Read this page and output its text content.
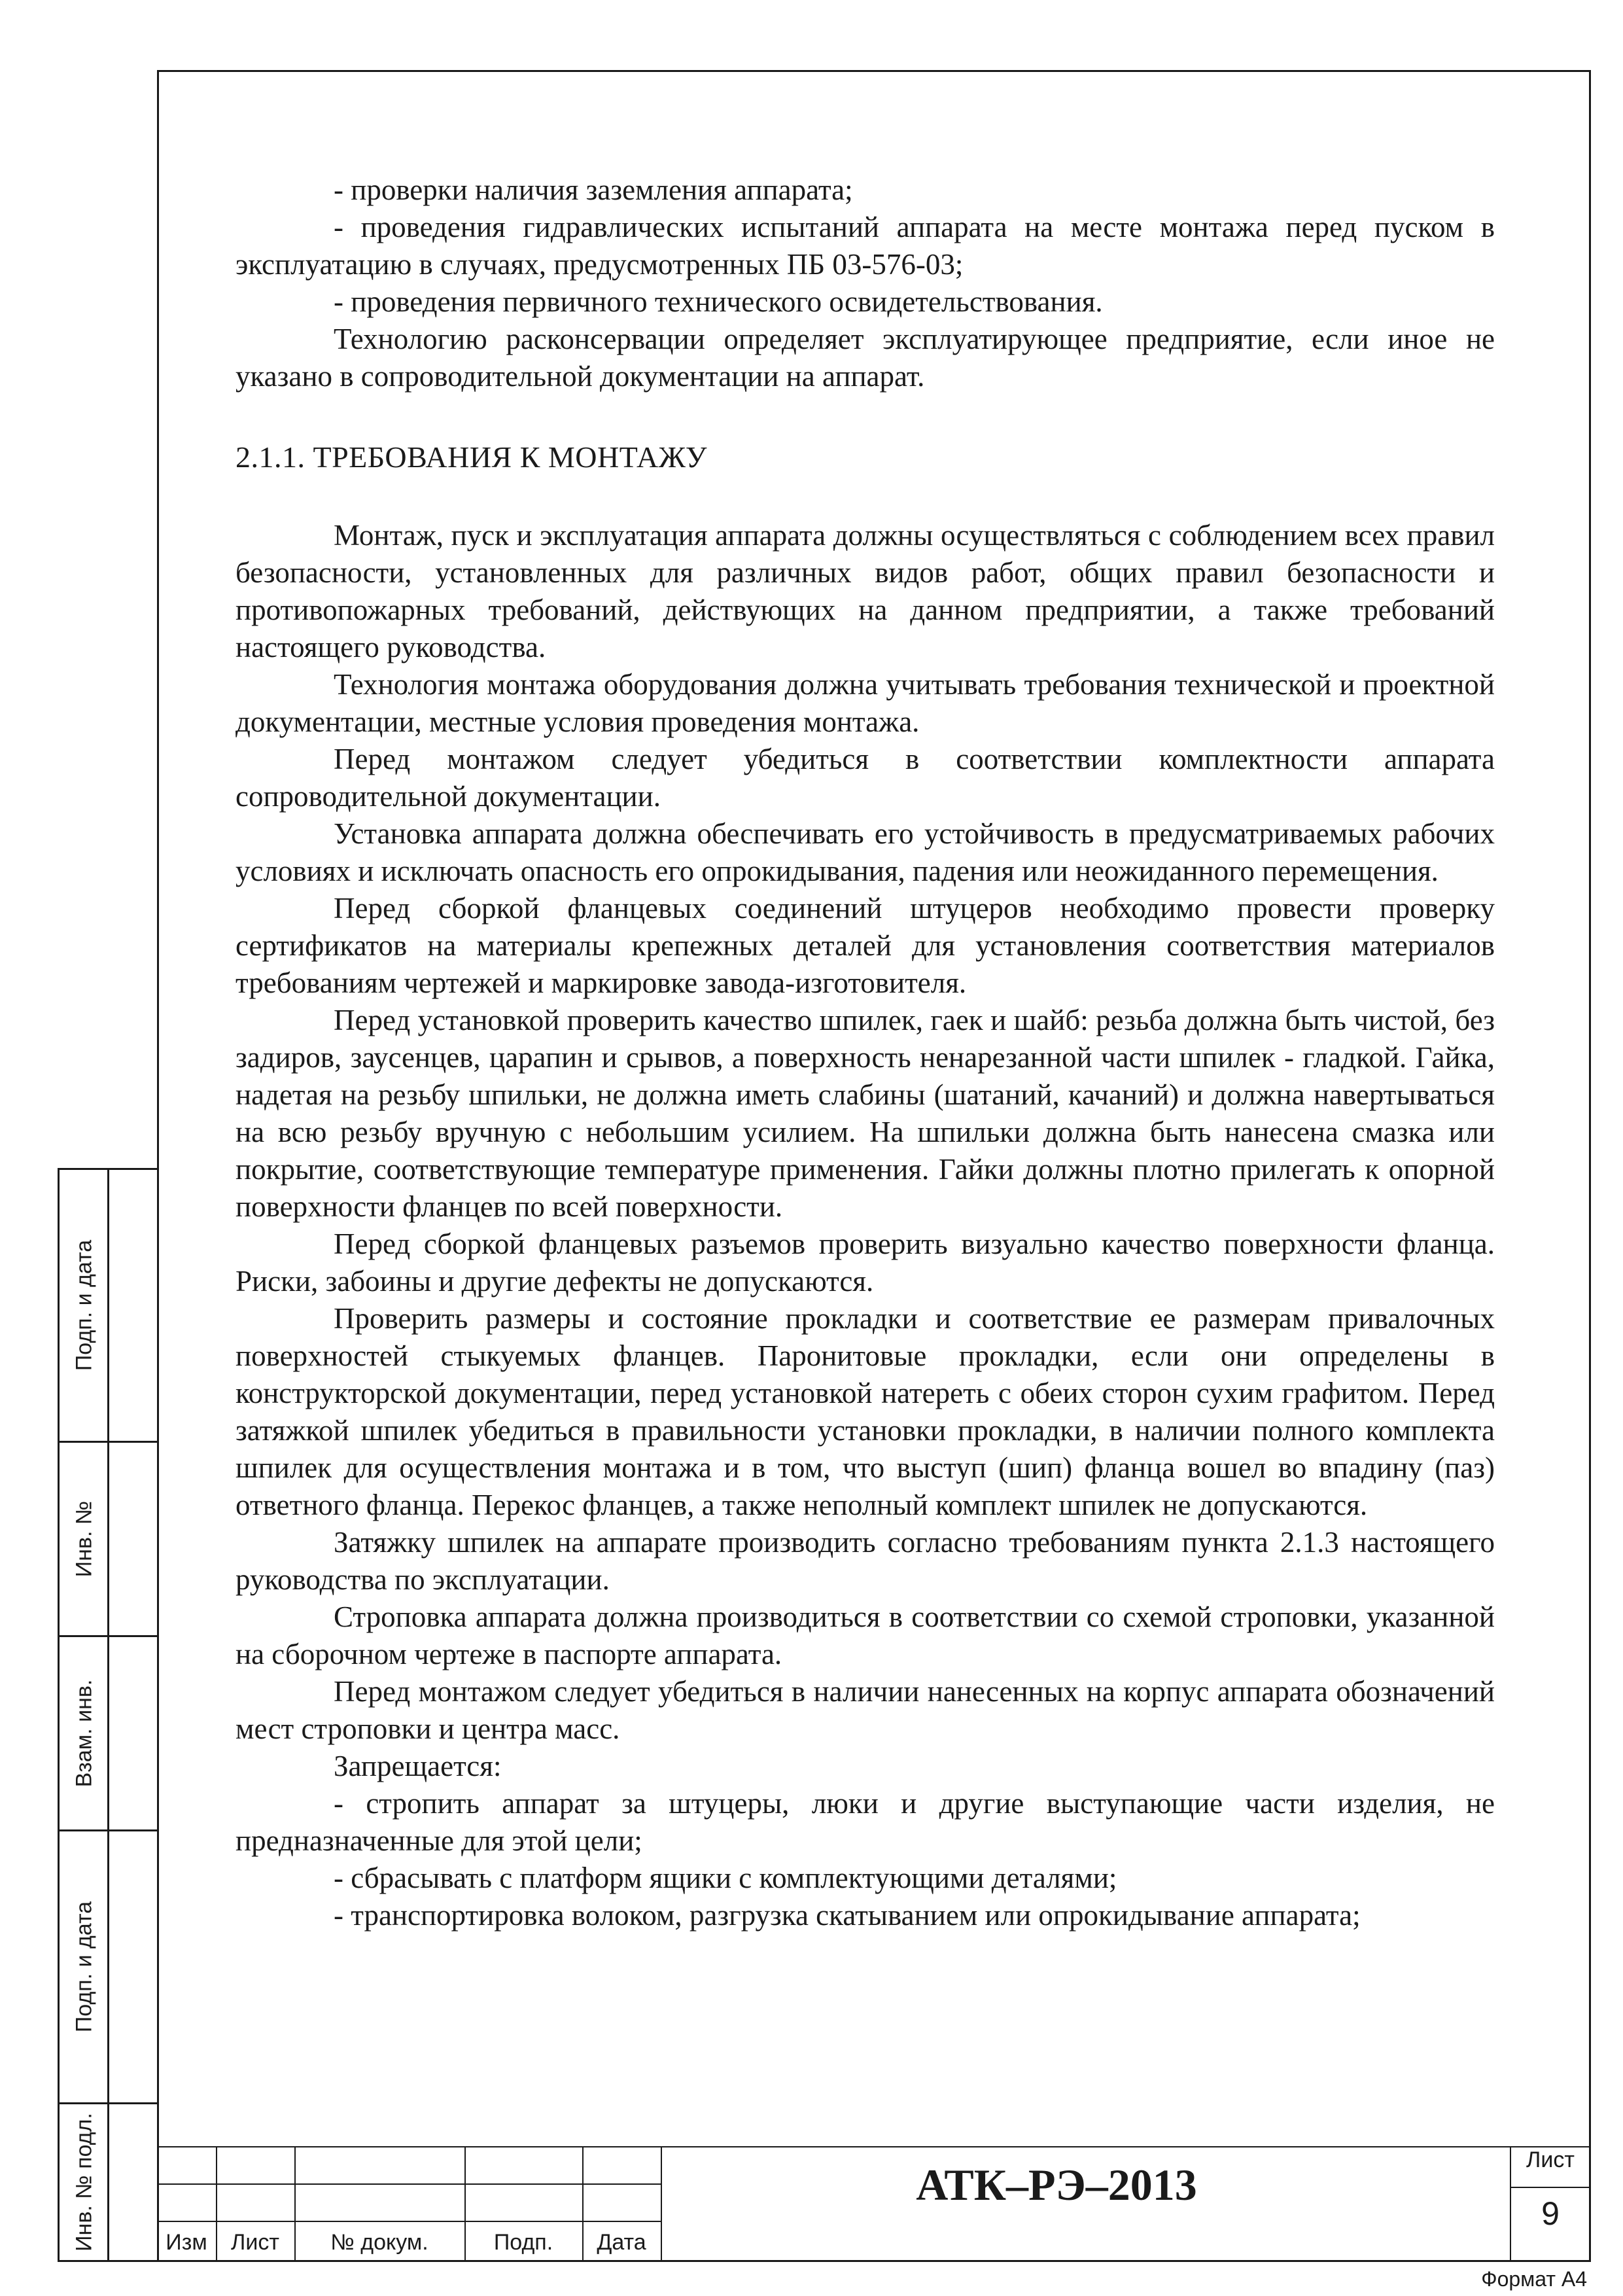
Подп. и дата
Инв. №
Взам. инв.
Подп. и дата
Инв. № подл.

- проверки наличия заземления аппарата;

- проведения гидравлических испытаний аппарата на месте монтажа перед пуском в эксплуатацию в случаях, предусмотренных ПБ 03-576-03;

- проведения первичного технического освидетельствования.

Технологию расконсервации определяет эксплуатирующее предприятие, если иное не указано в сопроводительной документации на аппарат.

2.1.1. ТРЕБОВАНИЯ К МОНТАЖУ

Монтаж, пуск и эксплуатация аппарата должны осуществляться с соблюдением всех правил безопасности, установленных для различных видов работ, общих правил безопасности и противопожарных требований, действующих на данном предприятии, а также требований настоящего руководства.

Технология монтажа оборудования должна учитывать требования технической и проектной документации, местные условия проведения монтажа.

Перед монтажом следует убедиться в соответствии комплектности аппарата сопроводительной документации.

Установка аппарата должна обеспечивать его устойчивость в предусматриваемых рабочих условиях и исключать опасность его опрокидывания, падения или неожиданного перемещения.

Перед сборкой фланцевых соединений штуцеров необходимо провести проверку сертификатов на материалы крепежных деталей для установления соответствия материалов требованиям чертежей и маркировке завода-изготовителя.

Перед установкой проверить качество шпилек, гаек и шайб: резьба должна быть чистой, без задиров, заусенцев, царапин и срывов, а поверхность ненарезанной части шпилек - гладкой. Гайка, надетая на резьбу шпильки, не должна иметь слабины (шатаний, качаний) и должна навертываться на всю резьбу вручную с небольшим усилием. На шпильки должна быть нанесена смазка или покрытие, соответствующие температуре применения. Гайки должны плотно прилегать к опорной поверхности фланцев по всей поверхности.

Перед сборкой фланцевых разъемов проверить визуально качество поверхности фланца. Риски, забоины и другие дефекты не допускаются.

Проверить размеры и состояние прокладки и соответствие ее размерам привалочных поверхностей стыкуемых фланцев. Паронитовые прокладки, если они определены в конструкторской документации, перед установкой натереть с обеих сторон сухим графитом. Перед затяжкой шпилек убедиться в правильности установки прокладки, в наличии полного комплекта шпилек для осуществления монтажа и в том, что выступ (шип) фланца вошел во впадину (паз) ответного фланца. Перекос фланцев, а также неполный комплект шпилек не допускаются.

Затяжку шпилек на аппарате производить согласно требованиям пункта 2.1.3 настоящего руководства по эксплуатации.

Строповка аппарата должна производиться в соответствии со схемой строповки, указанной на сборочном чертеже в паспорте аппарата.

Перед монтажом следует убедиться в наличии нанесенных на корпус аппарата обозначений мест строповки и центра масс.

Запрещается:

- стропить аппарат за штуцеры, люки и другие выступающие части изделия, не предназначенные для этой цели;

- сбрасывать с платформ ящики с комплектующими деталями;

- транспортировка волоком, разгрузка скатыванием или опрокидывание аппарата;

Изм	Лист	№ докум.	Подп.	Дата
АТК–РЭ–2013	Лист
9
Формат А4
